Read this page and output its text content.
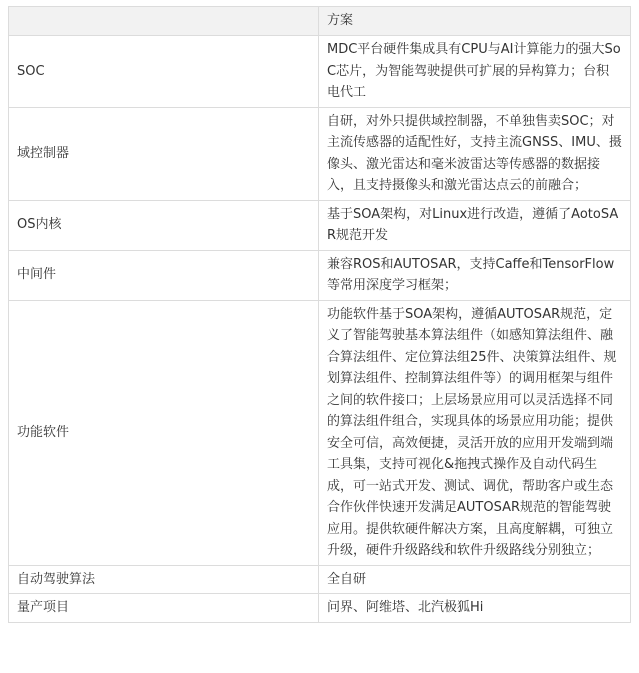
	方案
SOC	MDC平台硬件集成具有CPU与AI计算能力的强大SoC芯片，为智能驾驶提供可扩展的异构算力；台积电代工
域控制器	自研，对外只提供域控制器，不单独售卖SOC；对主流传感器的适配性好，支持主流GNSS、IMU、摄像头、激光雷达和毫米波雷达等传感器的数据接入，且支持摄像头和激光雷达点云的前融合；
OS内核	基于SOA架构，对Linux进行改造，遵循了AotoSAR规范开发
中间件	兼容ROS和AUTOSAR，支持Caffe和TensorFlow等常用深度学习框架；
功能软件	功能软件基于SOA架构，遵循AUTOSAR规范，定义了智能驾驶基本算法组件（如感知算法组件、融合算法组件、定位算法组25件、决策算法组件、规划算法组件、控制算法组件等）的调用框架与组件之间的软件接口；上层场景应用可以灵活选择不同的算法组件组合，实现具体的场景应用功能；提供安全可信，高效便捷，灵活开放的应用开发端到端工具集，支持可视化&拖拽式操作及自动代码生成，可一站式开发、测试、调优，帮助客户或生态合作伙伴快速开发满足AUTOSAR规范的智能驾驶应用。提供软硬件解决方案，且高度解耦，可独立升级，硬件升级路线和软件升级路线分别独立；
自动驾驶算法	全自研
量产项目	问界、阿维塔、北汽极狐Hi
